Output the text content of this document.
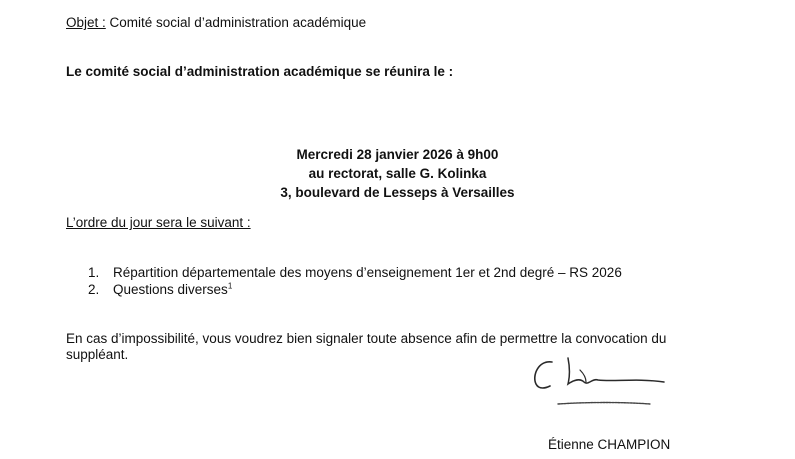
Objet : Comité social d’administration académique
Le comité social d’administration académique se réunira le :
Mercredi 28 janvier 2026 à 9h00
au rectorat, salle G. Kolinka
3, boulevard de Lesseps à Versailles
L’ordre du jour sera le suivant :
1. Répartition départementale des moyens d’enseignement 1er et 2nd degré – RS 2026
2. Questions diverses$^1$
En cas d’impossibilité, vous voudrez bien signaler toute absence afin de permettre la convocation du
suppléant.
Étienne CHAMPION
